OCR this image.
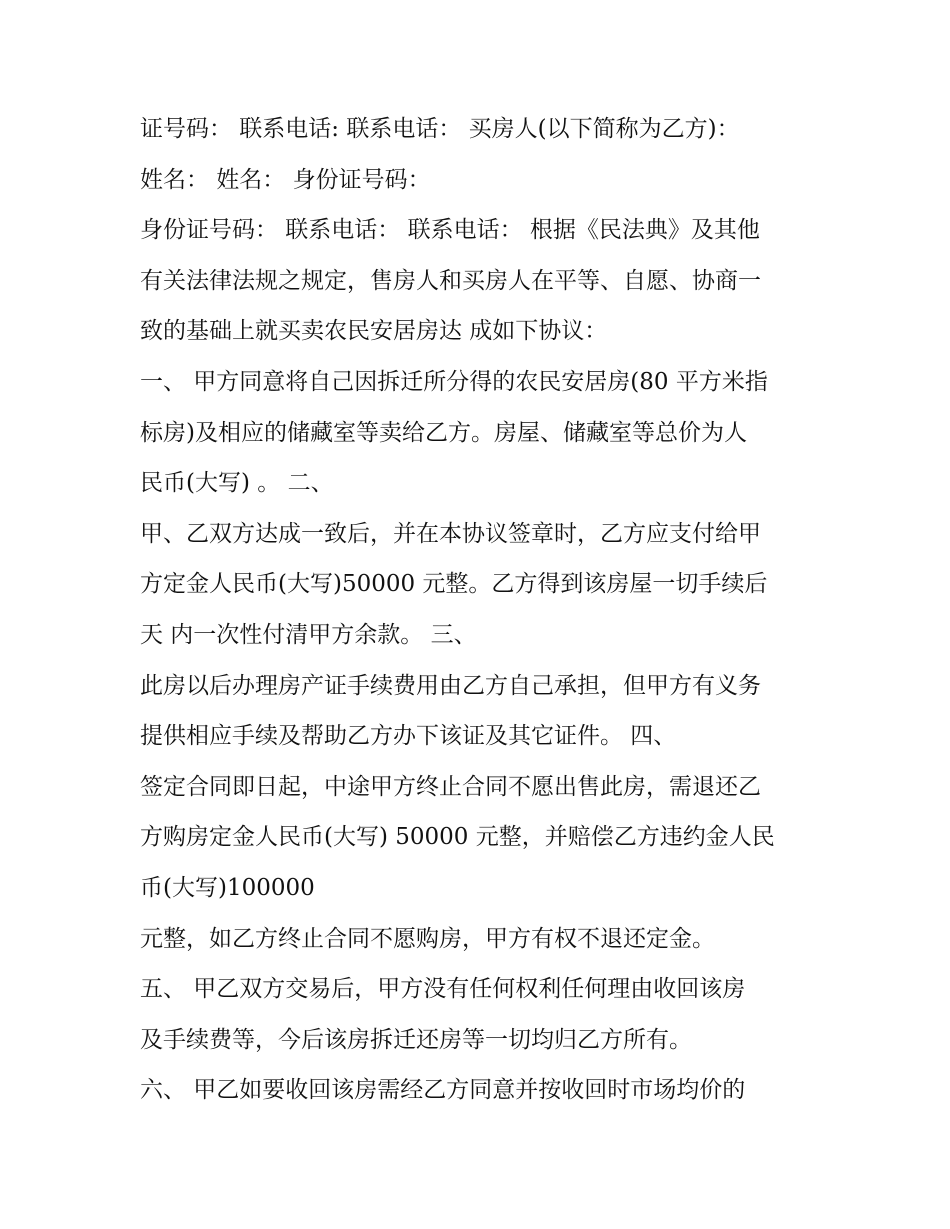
证号码： 联系电话: 联系电话： 买房人(以下简称为乙方)：
姓名： 姓名： 身份证号码：
身份证号码： 联系电话： 联系电话： 根据《民法典》及其他
有关法律法规之规定，售房人和买房人在平等、自愿、协商一
致的基础上就买卖农民安居房达 成如下协议：
一、 甲方同意将自己因拆迁所分得的农民安居房(80 平方米指
标房)及相应的储藏室等卖给乙方。房屋、储藏室等总价为人
民币(大写) 。 二、
甲、乙双方达成一致后，并在本协议签章时，乙方应支付给甲
方定金人民币(大写)50000 元整。乙方得到该房屋一切手续后
天 内一次性付清甲方余款。 三、
此房以后办理房产证手续费用由乙方自己承担，但甲方有义务
提供相应手续及帮助乙方办下该证及其它证件。 四、
签定合同即日起，中途甲方终止合同不愿出售此房，需退还乙
方购房定金人民币(大写) 50000 元整，并赔偿乙方违约金人民
币(大写)100000
元整，如乙方终止合同不愿购房，甲方有权不退还定金。
五、 甲乙双方交易后，甲方没有任何权利任何理由收回该房
及手续费等，今后该房拆迁还房等一切均归乙方所有。
六、 甲乙如要收回该房需经乙方同意并按收回时市场均价的
